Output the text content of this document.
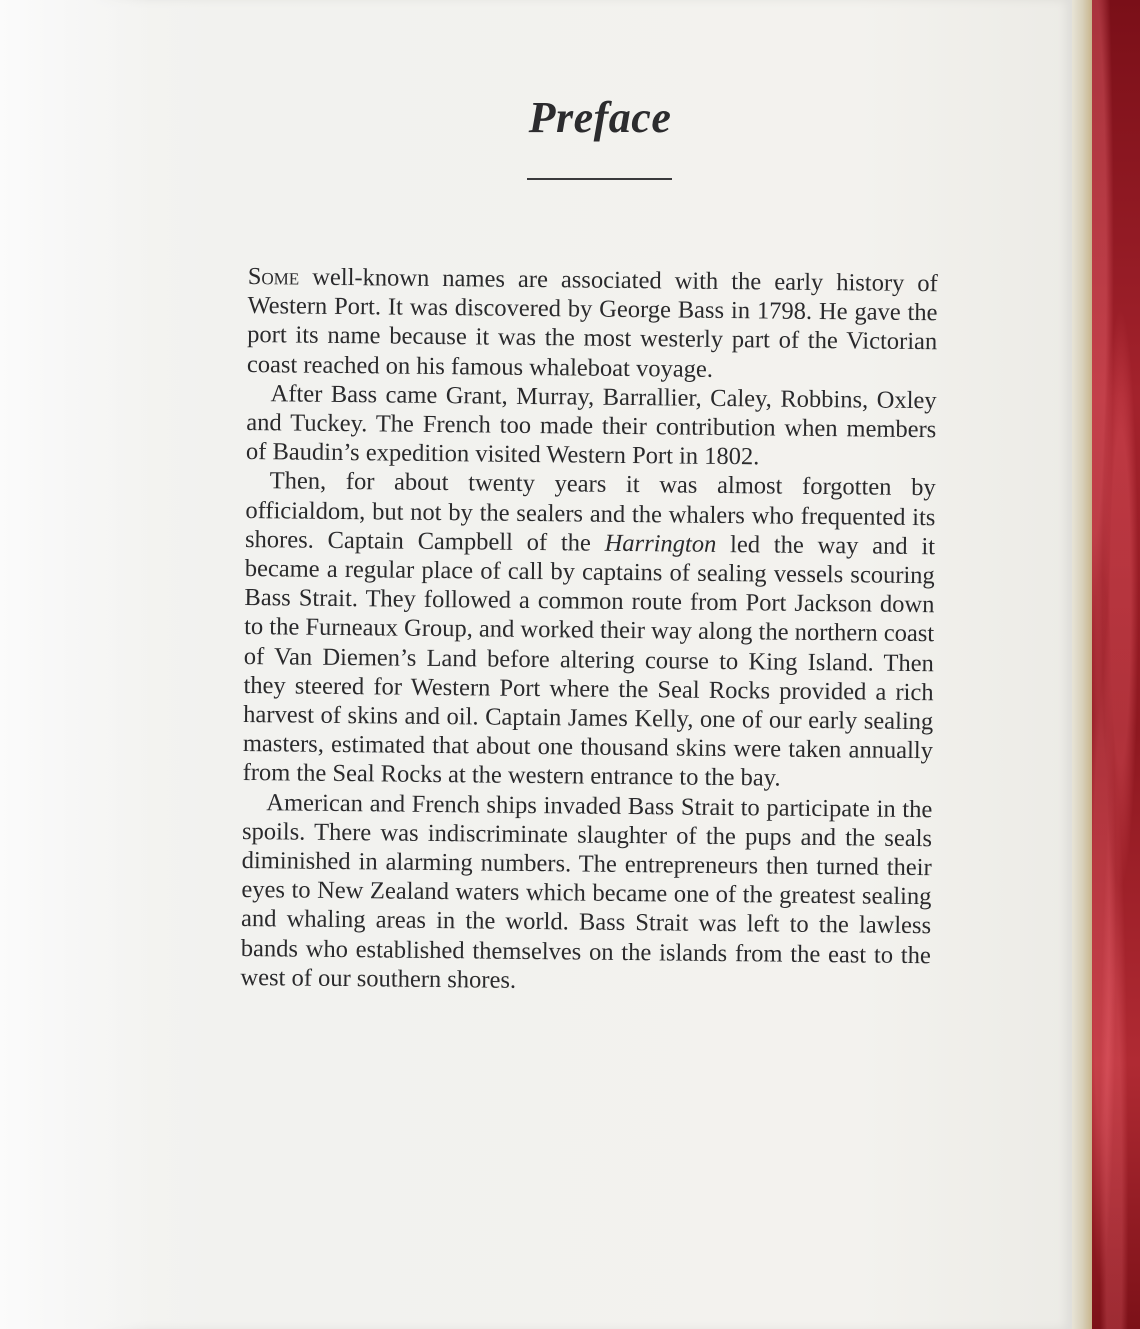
Preface

Some well-known names are associated with the early history of Western Port. It was discovered by George Bass in 1798. He gave the port its name because it was the most westerly part of the Victorian coast reached on his famous whaleboat voyage.

After Bass came Grant, Murray, Barrallier, Caley, Robbins, Oxley and Tuckey. The French too made their contribution when members of Baudin’s expedition visited Western Port in 1802.

Then, for about twenty years it was almost forgotten by officialdom, but not by the sealers and the whalers who frequented its shores. Captain Campbell of the Harrington led the way and it became a regular place of call by captains of sealing vessels scouring Bass Strait. They followed a common route from Port Jackson down to the Furneaux Group, and worked their way along the northern coast of Van Diemen’s Land before altering course to King Island. Then they steered for Western Port where the Seal Rocks provided a rich harvest of skins and oil. Captain James Kelly, one of our early sealing masters, estimated that about one thousand skins were taken annually from the Seal Rocks at the western entrance to the bay.

American and French ships invaded Bass Strait to participate in the spoils. There was indiscriminate slaughter of the pups and the seals diminished in alarming numbers. The entrepreneurs then turned their eyes to New Zealand waters which became one of the greatest sealing and whaling areas in the world. Bass Strait was left to the lawless bands who established themselves on the islands from the east to the west of our southern shores.
